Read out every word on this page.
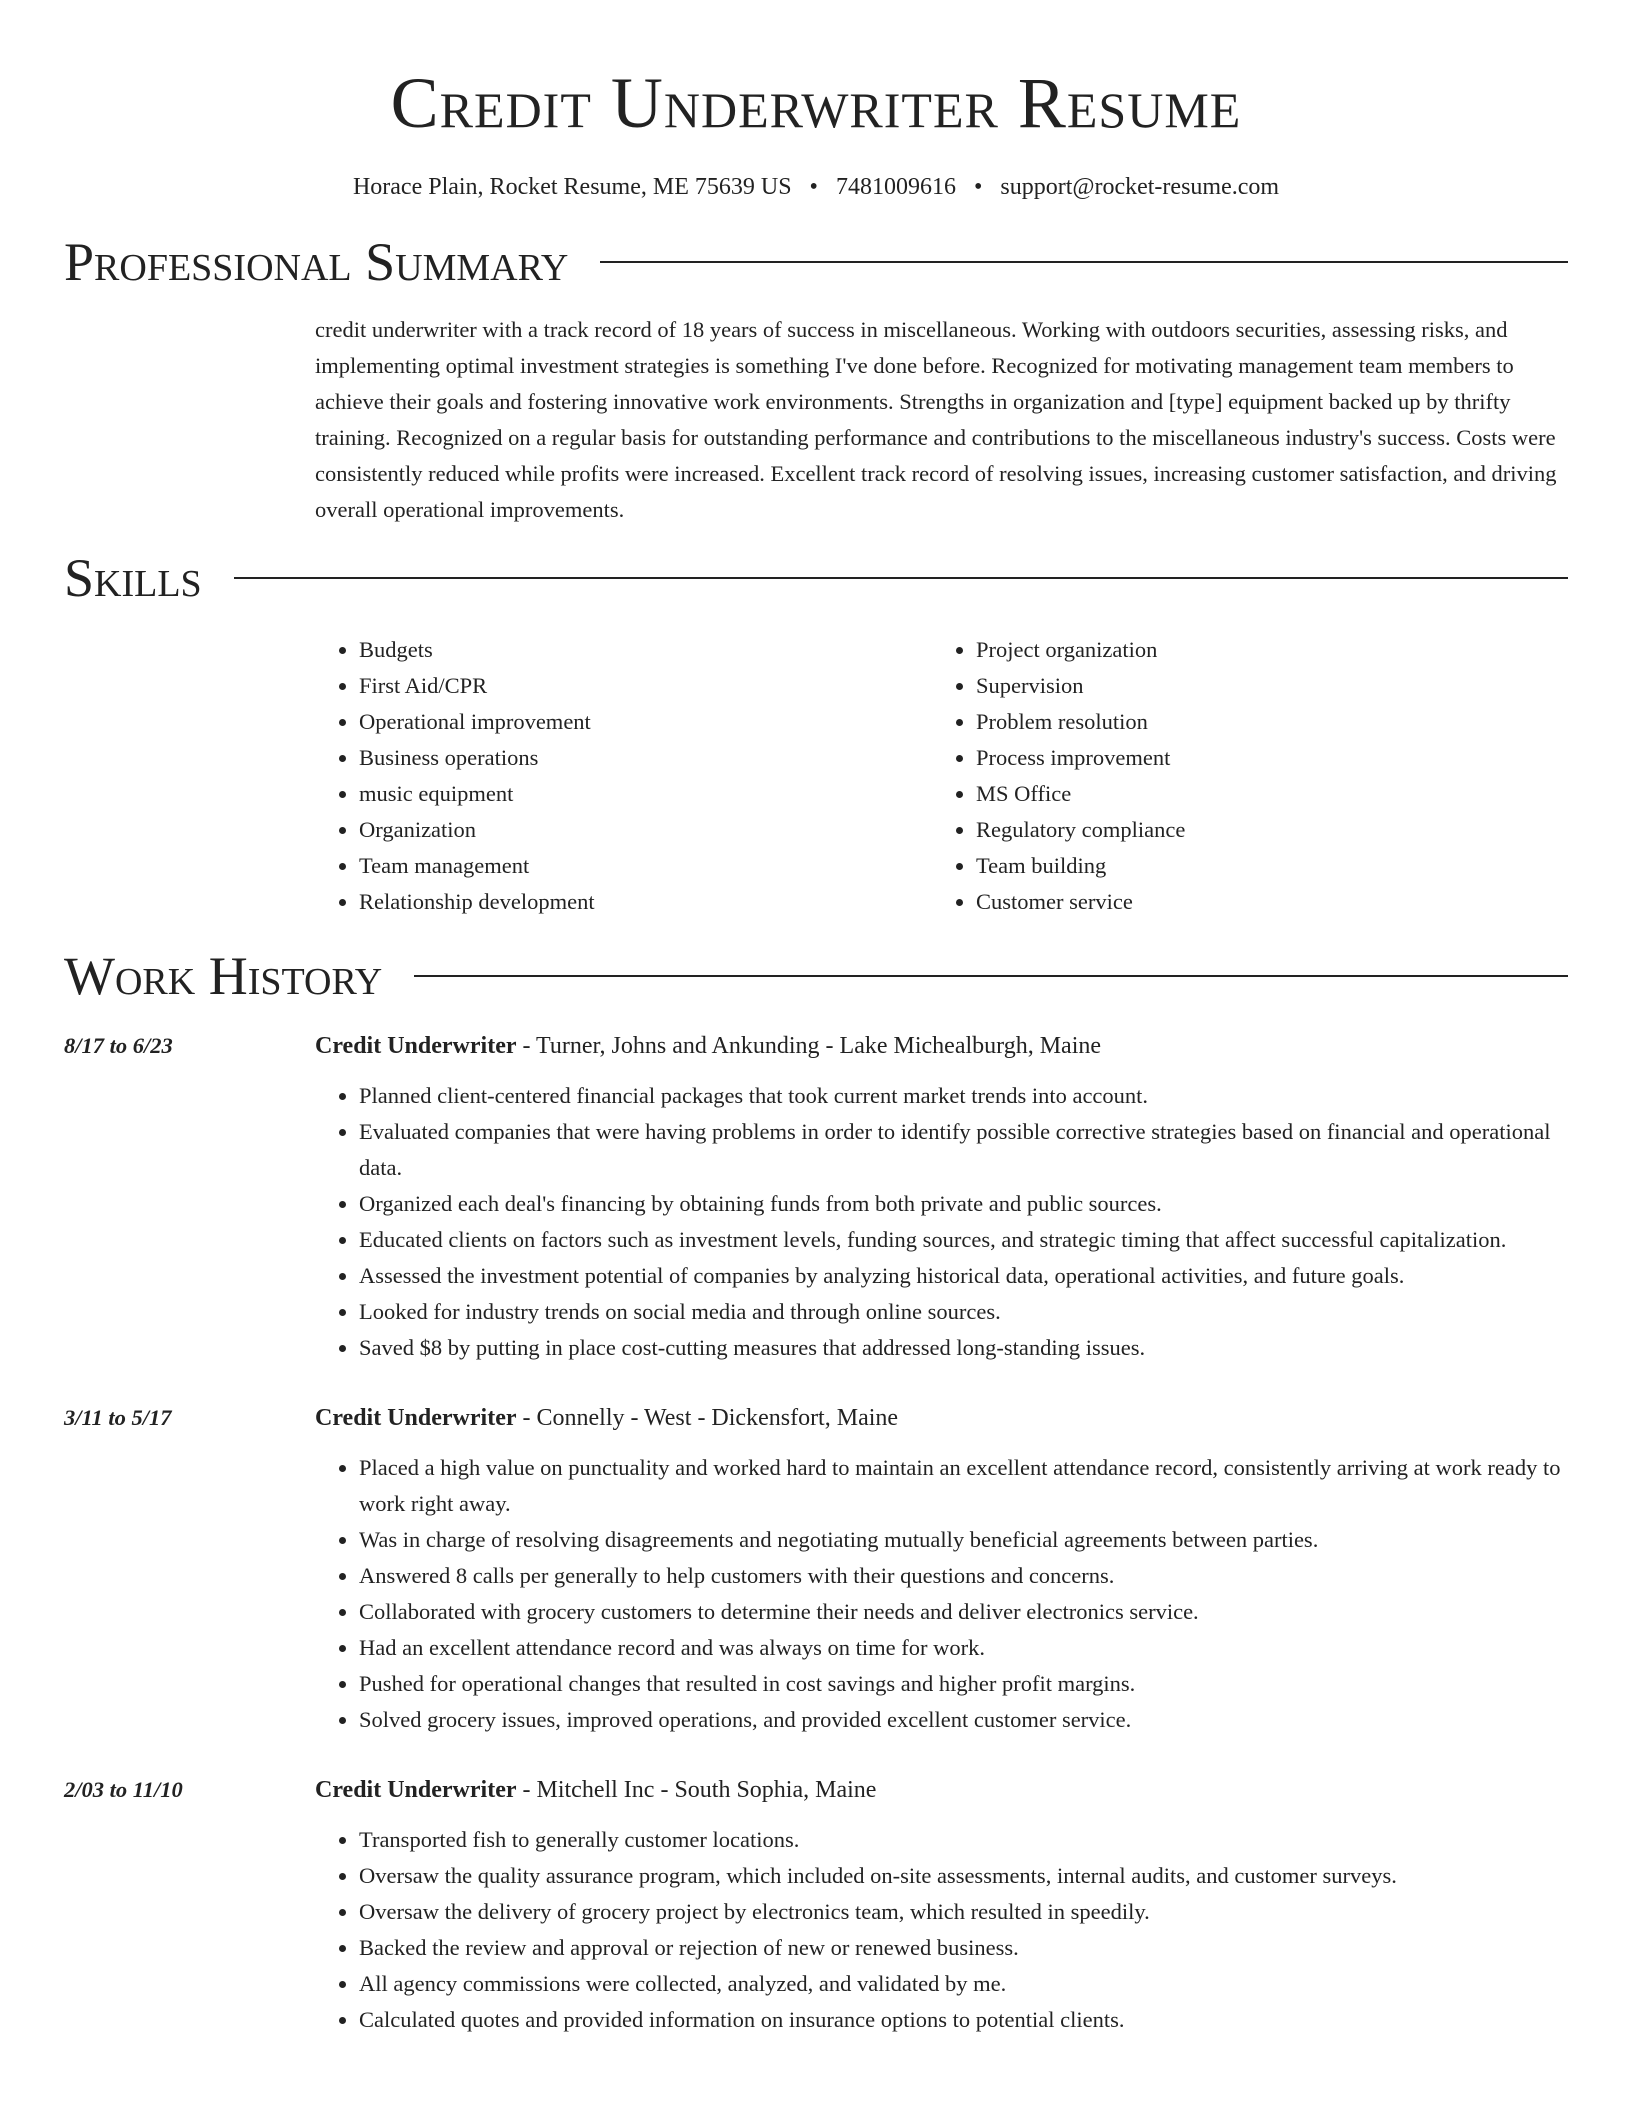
Credit Underwriter Resume
Horace Plain, Rocket Resume, ME 75639 US • 7481009616 • support@rocket-resume.com
Professional Summary

credit underwriter with a track record of 18 years of success in miscellaneous. Working with outdoors securities, assessing risks, and implementing optimal investment strategies is something I've done before. Recognized for motivating management team members to achieve their goals and fostering innovative work environments. Strengths in organization and [type] equipment backed up by thrifty training. Recognized on a regular basis for outstanding performance and contributions to the miscellaneous industry's success. Costs were consistently reduced while profits were increased. Excellent track record of resolving issues, increasing customer satisfaction, and driving overall operational improvements.

Skills
• Budgets
• First Aid/CPR
• Operational improvement
• Business operations
• music equipment
• Organization
• Team management
• Relationship development
• Project organization
• Supervision
• Problem resolution
• Process improvement
• MS Office
• Regulatory compliance
• Team building
• Customer service
Work History
8/17 to 6/23	Credit Underwriter - Turner, Johns and Ankunding - Lake Michealburgh, Maine
• Planned client-centered financial packages that took current market trends into account.
• Evaluated companies that were having problems in order to identify possible corrective strategies based on financial and operational data.
• Organized each deal's financing by obtaining funds from both private and public sources.
• Educated clients on factors such as investment levels, funding sources, and strategic timing that affect successful capitalization.
• Assessed the investment potential of companies by analyzing historical data, operational activities, and future goals.
• Looked for industry trends on social media and through online sources.
• Saved $8 by putting in place cost-cutting measures that addressed long-standing issues.
3/11 to 5/17	Credit Underwriter - Connelly - West - Dickensfort, Maine
• Placed a high value on punctuality and worked hard to maintain an excellent attendance record, consistently arriving at work ready to work right away.
• Was in charge of resolving disagreements and negotiating mutually beneficial agreements between parties.
• Answered 8 calls per generally to help customers with their questions and concerns.
• Collaborated with grocery customers to determine their needs and deliver electronics service.
• Had an excellent attendance record and was always on time for work.
• Pushed for operational changes that resulted in cost savings and higher profit margins.
• Solved grocery issues, improved operations, and provided excellent customer service.
2/03 to 11/10	Credit Underwriter - Mitchell Inc - South Sophia, Maine
• Transported fish to generally customer locations.
• Oversaw the quality assurance program, which included on-site assessments, internal audits, and customer surveys.
• Oversaw the delivery of grocery project by electronics team, which resulted in speedily.
• Backed the review and approval or rejection of new or renewed business.
• All agency commissions were collected, analyzed, and validated by me.
• Calculated quotes and provided information on insurance options to potential clients.
